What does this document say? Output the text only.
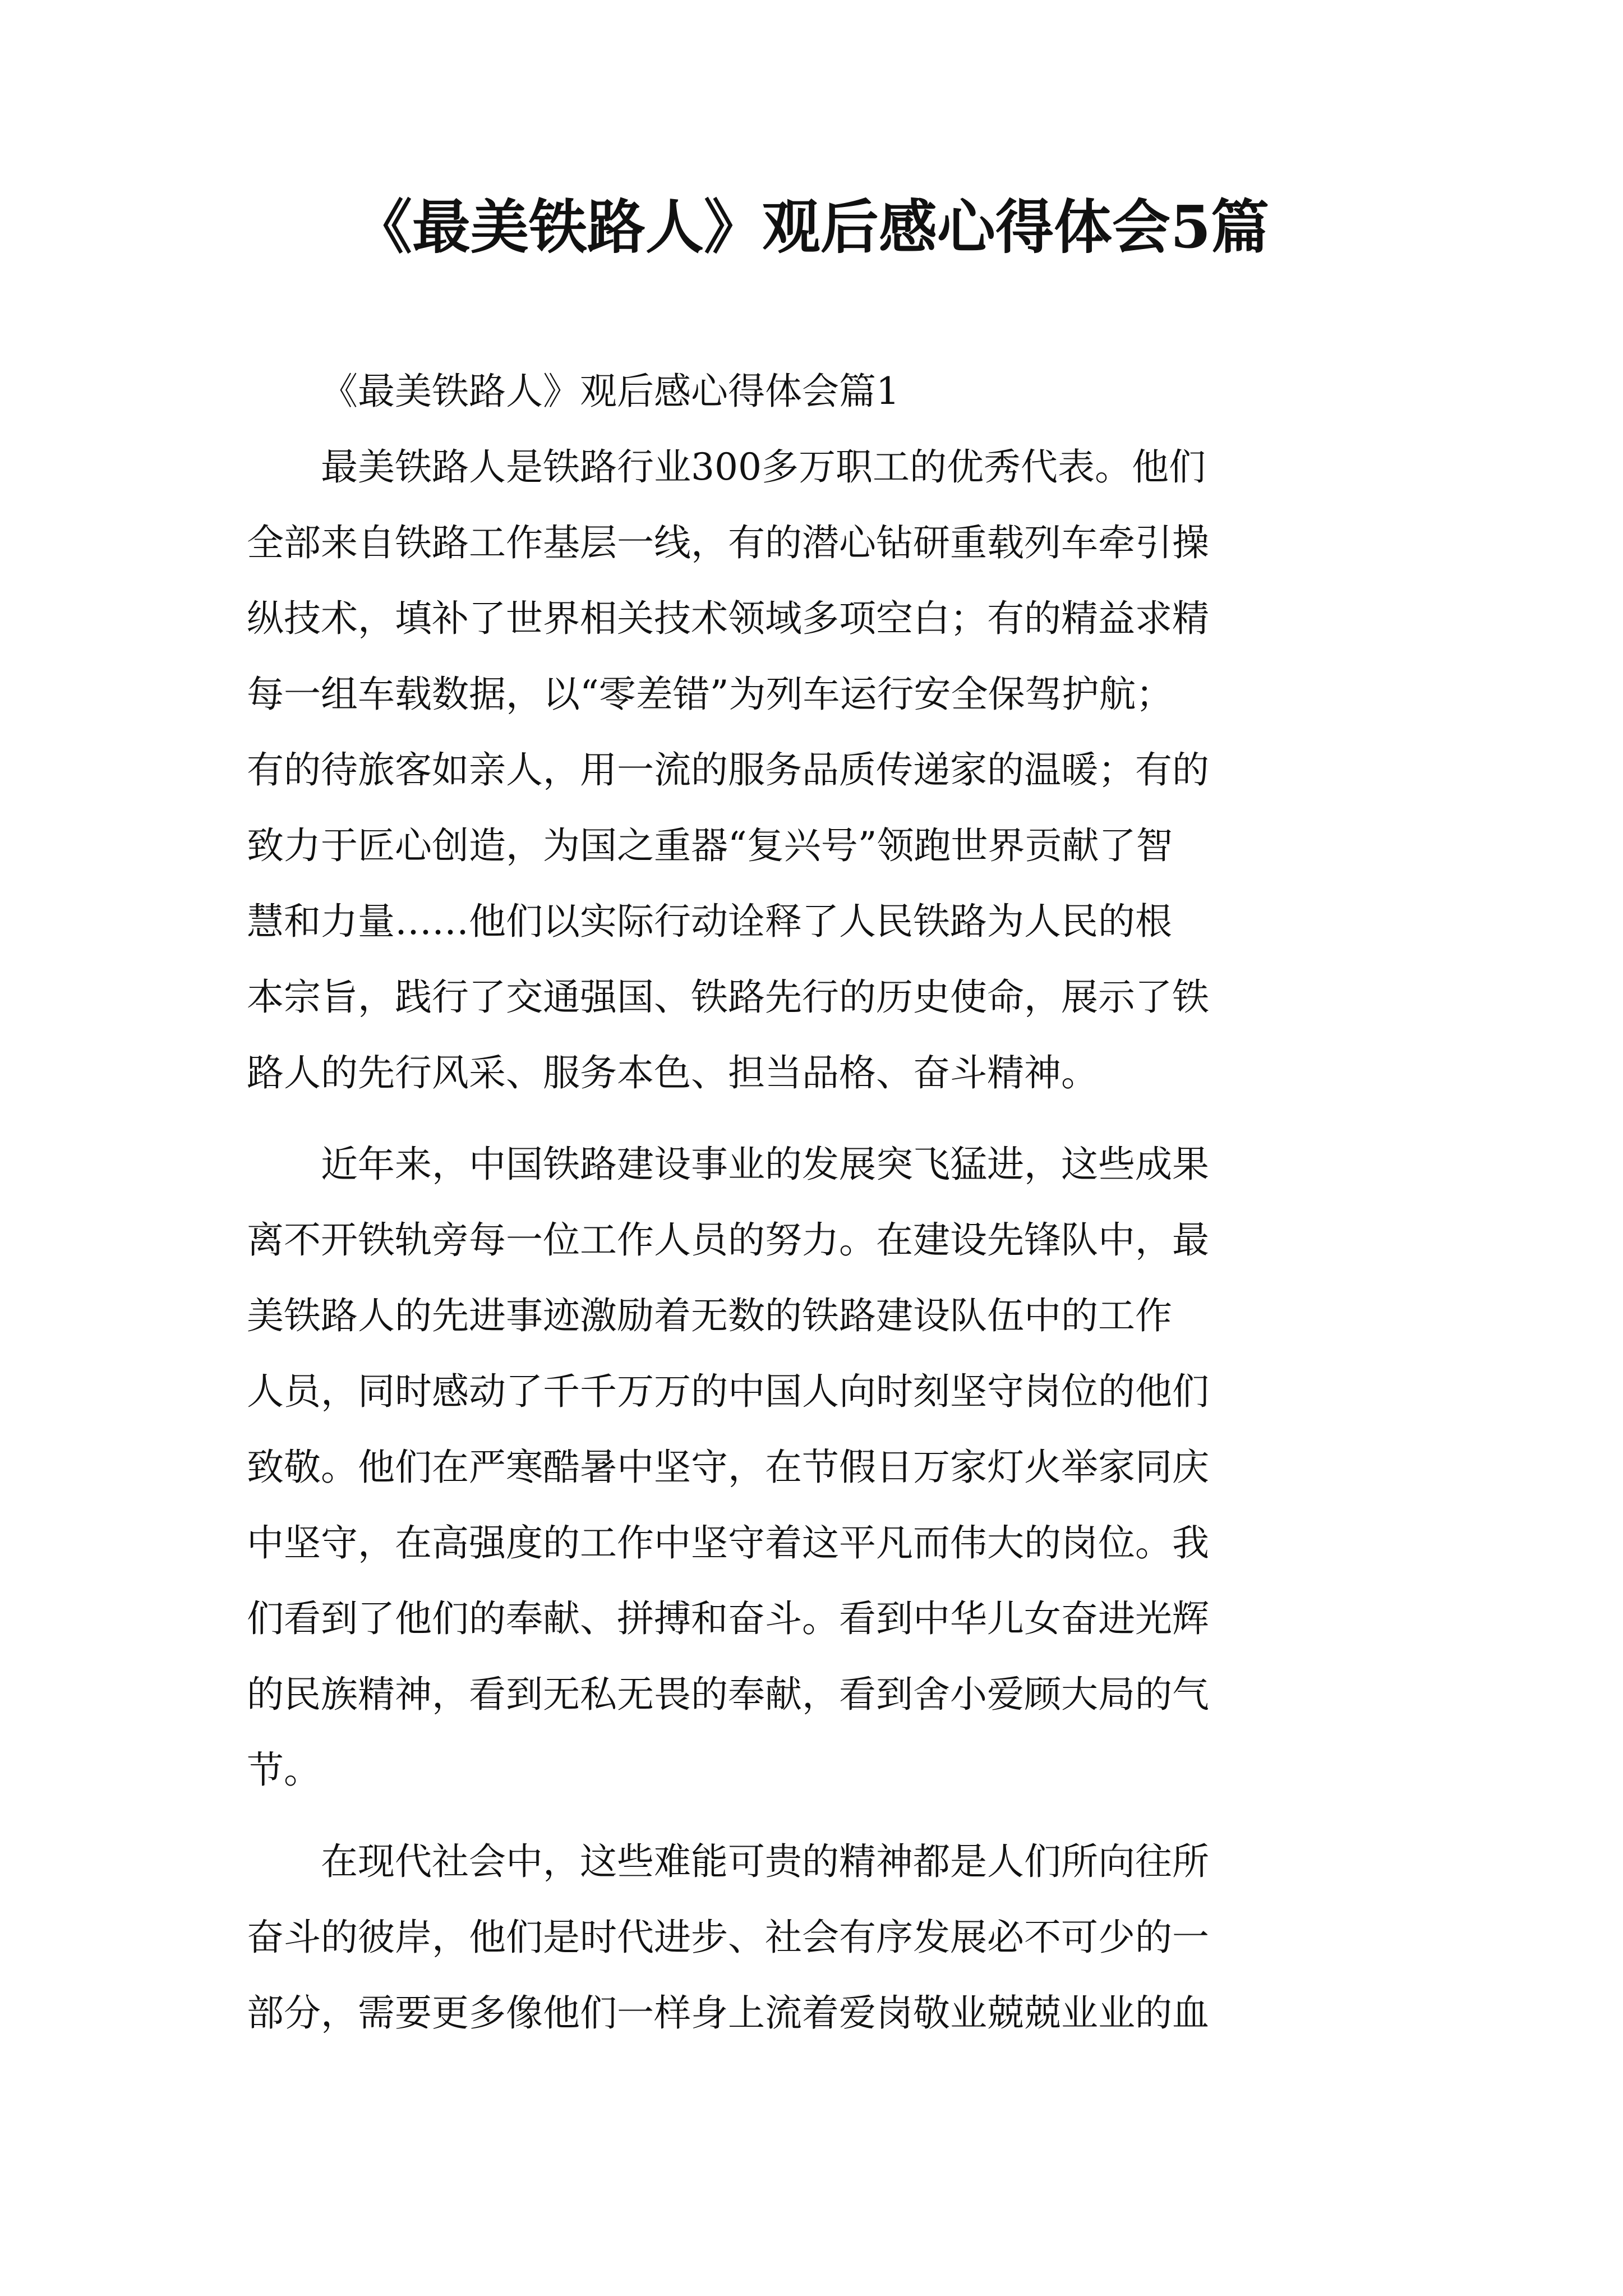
《最美铁路人》观后感心得体会5篇

《最美铁路人》观后感心得体会篇1

最美铁路人是铁路行业300多万职工的优秀代表。他们
全部来自铁路工作基层一线，有的潜心钻研重载列车牵引操
纵技术，填补了世界相关技术领域多项空白；有的精益求精
每一组车载数据，以“零差错”为列车运行安全保驾护航；
有的待旅客如亲人，用一流的服务品质传递家的温暖；有的
致力于匠心创造，为国之重器“复兴号”领跑世界贡献了智
慧和力量……他们以实际行动诠释了人民铁路为人民的根
本宗旨，践行了交通强国、铁路先行的历史使命，展示了铁
路人的先行风采、服务本色、担当品格、奋斗精神。
近年来，中国铁路建设事业的发展突飞猛进，这些成果
离不开铁轨旁每一位工作人员的努力。在建设先锋队中，最
美铁路人的先进事迹激励着无数的铁路建设队伍中的工作
人员，同时感动了千千万万的中国人向时刻坚守岗位的他们
致敬。他们在严寒酷暑中坚守，在节假日万家灯火举家同庆
中坚守，在高强度的工作中坚守着这平凡而伟大的岗位。我
们看到了他们的奉献、拼搏和奋斗。看到中华儿女奋进光辉
的民族精神，看到无私无畏的奉献，看到舍小爱顾大局的气
节。
在现代社会中，这些难能可贵的精神都是人们所向往所
奋斗的彼岸，他们是时代进步、社会有序发展必不可少的一
部分，需要更多像他们一样身上流着爱岗敬业兢兢业业的血
